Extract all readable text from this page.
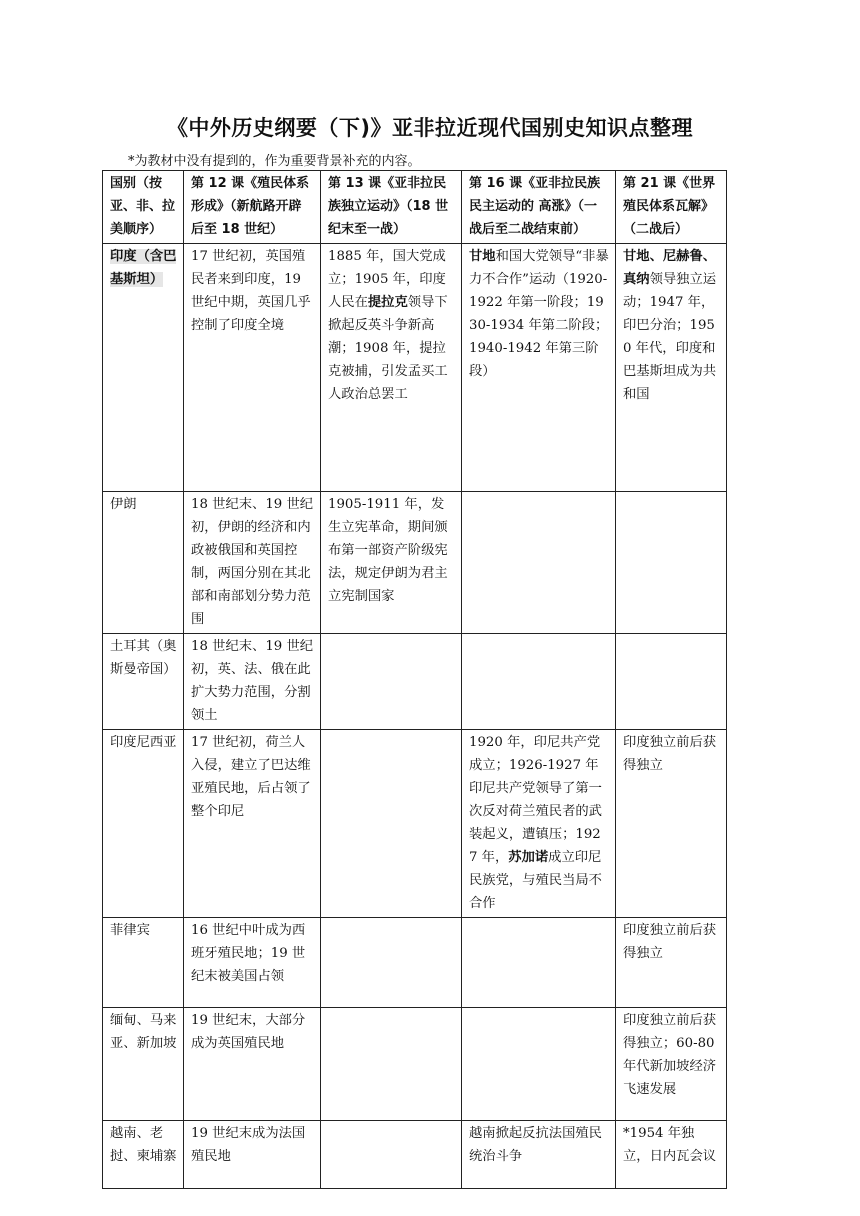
《中外历史纲要（下)》亚非拉近现代国别史知识点整理
*为教材中没有提到的，作为重要背景补充的内容。
国别（按亚、非、拉美顺序）	第 12 课《殖民体系形成》（新航路开辟后至 18 世纪）	第 13 课《亚非拉民族独立运动》（18 世纪末至一战）	第 16 课《亚非拉民族民主运动的 高涨》（一战后至二战结束前）	第 21 课《世界殖民体系瓦解》（二战后）
印度（含巴基斯坦）	17 世纪初，英国殖民者来到印度，19 世纪中期，英国几乎控制了印度全境	1885 年，国大党成立；1905 年，印度人民在提拉克领导下掀起反英斗争新高潮；1908 年，提拉克被捕，引发孟买工人政治总罢工	甘地和国大党领导“非暴力不合作”运动（1920-1922 年第一阶段；1930-1934 年第二阶段；1940-1942 年第三阶段）	甘地、尼赫鲁、真纳领导独立运动；1947 年，印巴分治；1950 年代，印度和巴基斯坦成为共和国
伊朗	18 世纪末、19 世纪初，伊朗的经济和内政被俄国和英国控制，两国分别在其北部和南部划分势力范围	1905-1911 年，发生立宪革命，期间颁布第一部资产阶级宪法，规定伊朗为君主立宪制国家		
土耳其（奥斯曼帝国）	18 世纪末、19 世纪初，英、法、俄在此扩大势力范围，分割领土			
印度尼西亚	17 世纪初，荷兰人入侵，建立了巴达维亚殖民地，后占领了整个印尼		1920 年，印尼共产党成立；1926-1927 年印尼共产党领导了第一次反对荷兰殖民者的武装起义，遭镇压；1927 年，苏加诺成立印尼民族党，与殖民当局不合作	印度独立前后获得独立
菲律宾	16 世纪中叶成为西班牙殖民地；19 世纪末被美国占领			印度独立前后获得独立
缅甸、马来亚、新加坡	19 世纪末，大部分成为英国殖民地			印度独立前后获得独立；60-80 年代新加坡经济飞速发展
越南、老挝、柬埔寨	19 世纪末成为法国殖民地		越南掀起反抗法国殖民统治斗争	*1954 年独立，日内瓦会议
